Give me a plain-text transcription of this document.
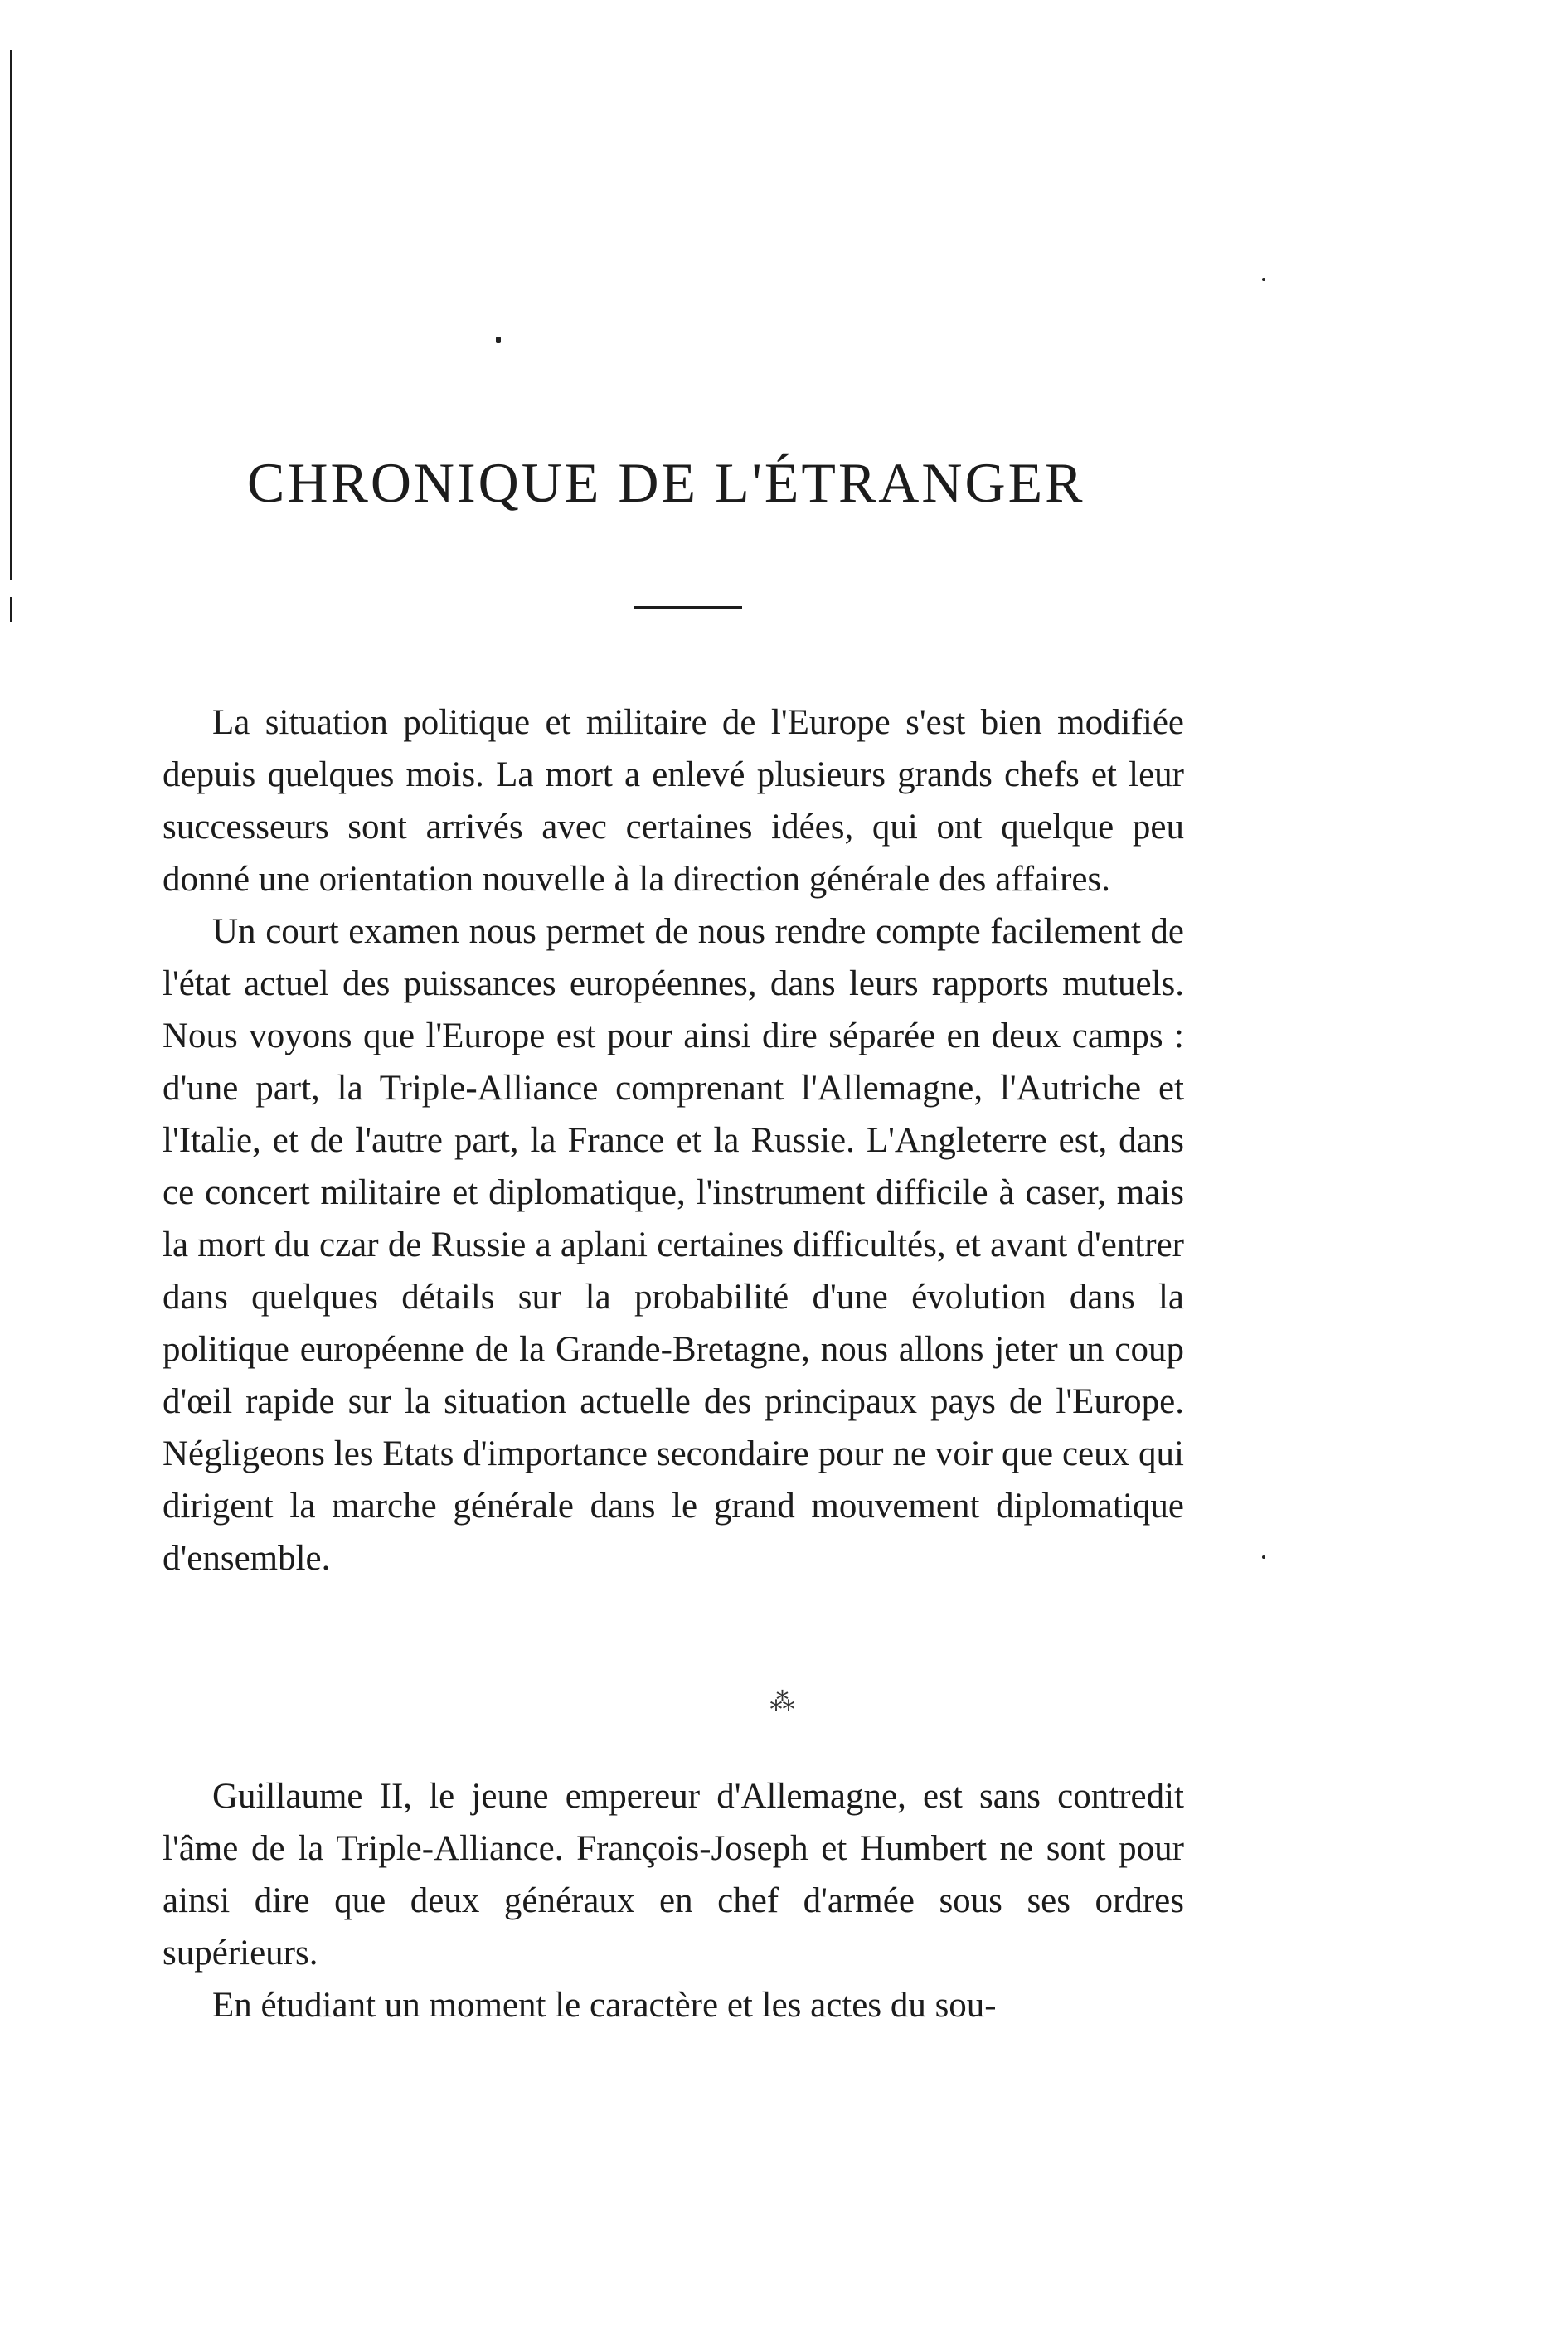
CHRONIQUE DE L'ÉTRANGER

La situation politique et militaire de l'Europe s'est bien modifiée depuis quelques mois. La mort a enlevé plusieurs grands chefs et leur successeurs sont arrivés avec certaines idées, qui ont quelque peu donné une orientation nouvelle à la direction générale des affaires.

Un court examen nous permet de nous rendre compte facilement de l'état actuel des puissances européennes, dans leurs rapports mutuels. Nous voyons que l'Europe est pour ainsi dire séparée en deux camps : d'une part, la Triple-Alliance comprenant l'Allemagne, l'Autriche et l'Italie, et de l'autre part, la France et la Russie. L'Angleterre est, dans ce concert militaire et diplomatique, l'instrument difficile à caser, mais la mort du czar de Russie a aplani certaines difficultés, et avant d'entrer dans quelques détails sur la probabilité d'une évolution dans la politique européenne de la Grande-Bretagne, nous allons jeter un coup d'œil rapide sur la situation actuelle des principaux pays de l'Europe. Négligeons les Etats d'importance secondaire pour ne voir que ceux qui dirigent la marche générale dans le grand mouvement diplomatique d'ensemble.

⁂

Guillaume II, le jeune empereur d'Allemagne, est sans contredit l'âme de la Triple-Alliance. François-Joseph et Humbert ne sont pour ainsi dire que deux généraux en chef d'armée sous ses ordres supérieurs.

En étudiant un moment le caractère et les actes du sou-
